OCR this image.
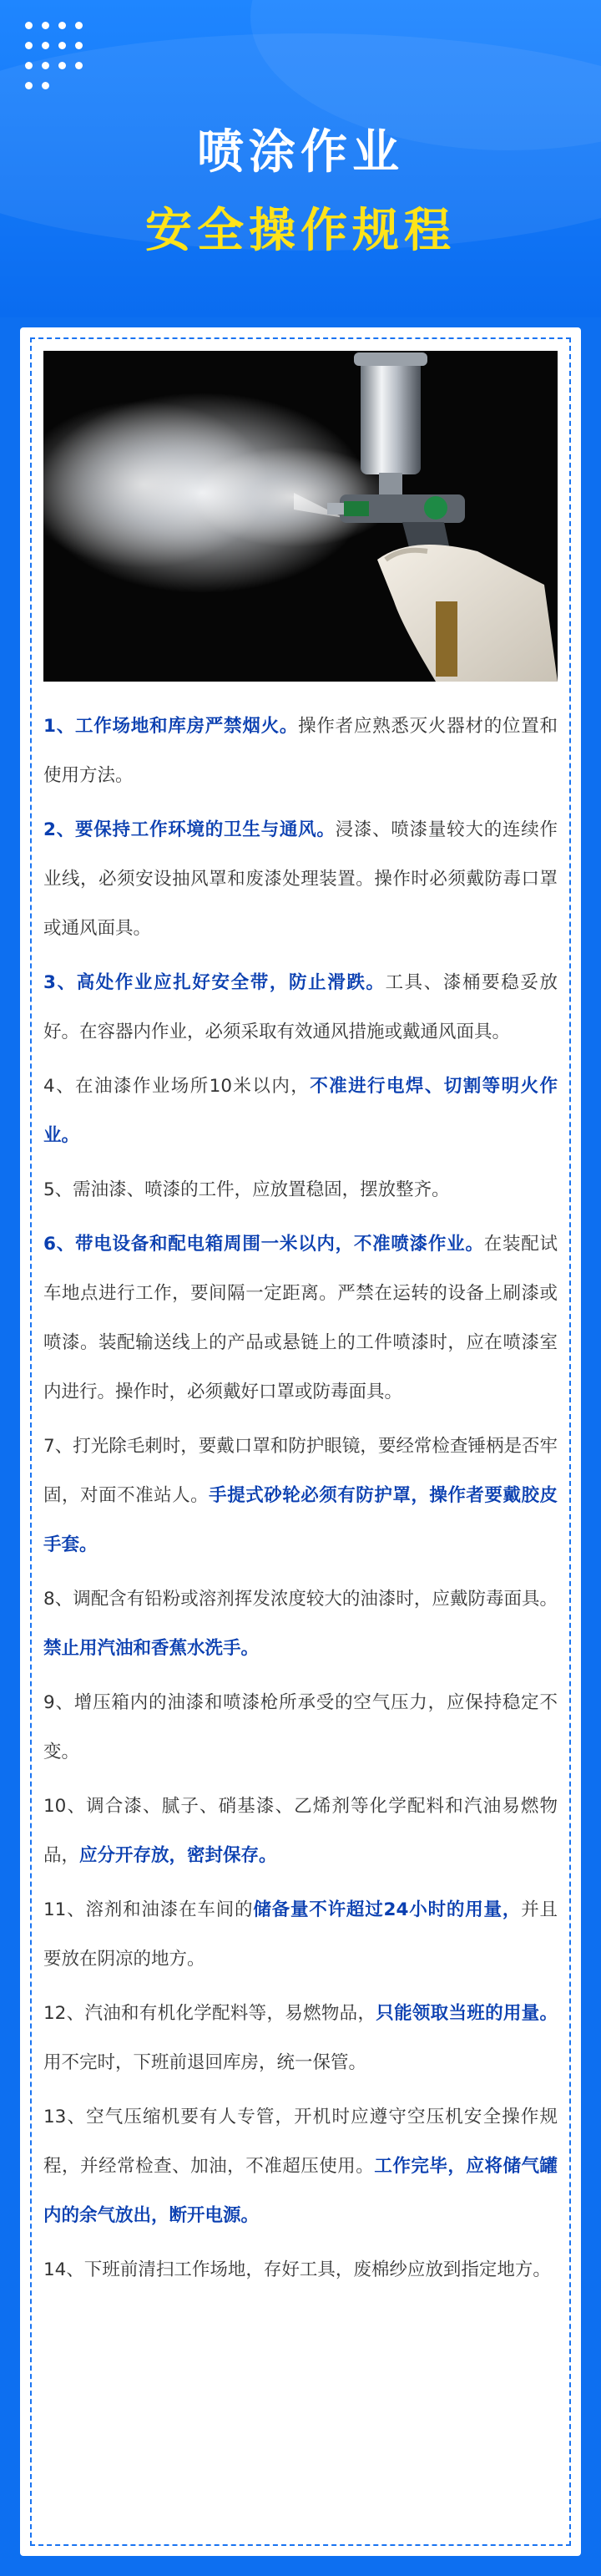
喷涂作业
安全操作规程

1、工作场地和库房严禁烟火。操作者应熟悉灭火器材的位置和使用方法。

2、要保持工作环境的卫生与通风。浸漆、喷漆量较大的连续作业线，必须安设抽风罩和废漆处理装置。操作时必须戴防毒口罩或通风面具。

3、高处作业应扎好安全带，防止滑跌。工具、漆桶要稳妥放好。在容器内作业，必须采取有效通风措施或戴通风面具。

4、在油漆作业场所10米以内，不准进行电焊、切割等明火作业。

5、需油漆、喷漆的工件，应放置稳固，摆放整齐。

6、带电设备和配电箱周围一米以内，不准喷漆作业。在装配试车地点进行工作，要间隔一定距离。严禁在运转的设备上刷漆或喷漆。装配输送线上的产品或悬链上的工件喷漆时，应在喷漆室内进行。操作时，必须戴好口罩或防毒面具。

7、打光除毛刺时，要戴口罩和防护眼镜，要经常检查锤柄是否牢固，对面不准站人。手提式砂轮必须有防护罩，操作者要戴胶皮手套。

8、调配含有铅粉或溶剂挥发浓度较大的油漆时，应戴防毒面具。禁止用汽油和香蕉水洗手。

9、增压箱内的油漆和喷漆枪所承受的空气压力，应保持稳定不变。

10、调合漆、腻子、硝基漆、乙烯剂等化学配料和汽油易燃物品，应分开存放，密封保存。

11、溶剂和油漆在车间的储备量不许超过24小时的用量，并且要放在阴凉的地方。

12、汽油和有机化学配料等，易燃物品，只能领取当班的用量。用不完时，下班前退回库房，统一保管。

13、空气压缩机要有人专管，开机时应遵守空压机安全操作规程，并经常检查、加油，不准超压使用。工作完毕，应将储气罐内的余气放出，断开电源。

14、下班前清扫工作场地，存好工具，废棉纱应放到指定地方。
